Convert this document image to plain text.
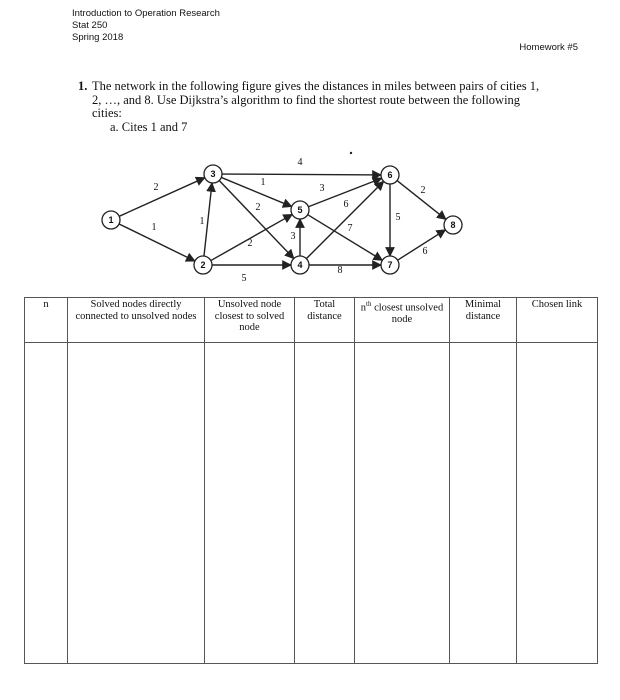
Introduction to Operation Research
Stat 250
Spring 2018
Homework #5
1. The network in the following figure gives the distances in miles between pairs of cities 1, 2, …, and 8. Use Dijkstra’s algorithm to find the shortest route between the following cities:
a. Cites 1 and 7
2
1
1
1
2
4
2
5
3
3
6
7
8
5
2
6
1
2
3
4
5
6
7
8
n	Solved nodes directly connected to unsolved nodes	Unsolved node closest to solved node	Total distance	$n^{th}$ closest unsolved node	Minimal distance	Chosen link
